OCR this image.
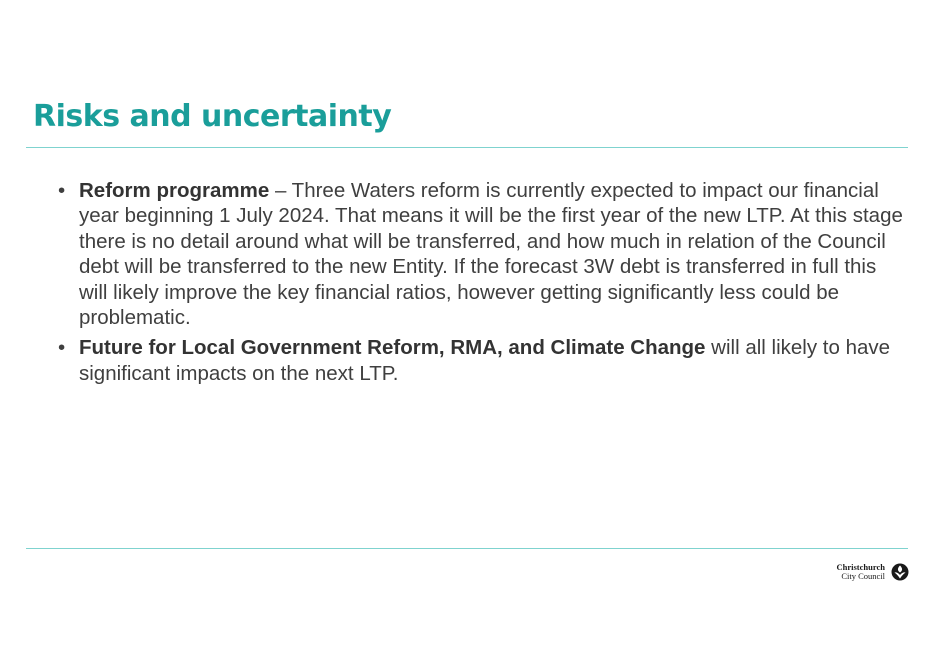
Risks and uncertainty
• Reform programme – Three Waters reform is currently expected to impact our financial year beginning 1 July 2024. That means it will be the first year of the new LTP. At this stage there is no detail around what will be transferred, and how much in relation of the Council debt will be transferred to the new Entity. If the forecast 3W debt is transferred in full this will likely improve the key financial ratios, however getting significantly less could be problematic.
• Future for Local Government Reform, RMA, and Climate Change will all likely to have significant impacts on the next LTP.
Christchurch
City Council
